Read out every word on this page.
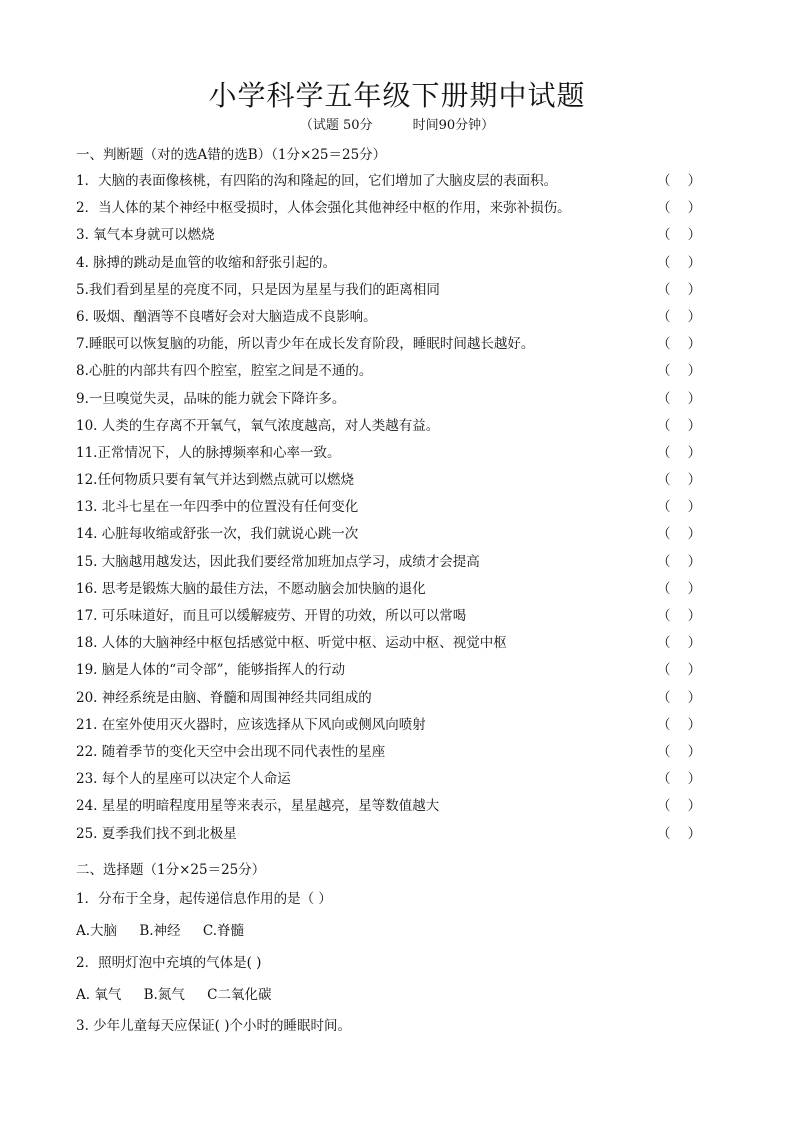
小学科学五年级下册期中试题
（试题 50分	时间90分钟）
一、判断题（对的选A错的选B）（1分×25＝25分）
1．大脑的表面像核桃，有四陷的沟和隆起的回，它们增加了大脑皮层的表面积。	（    ）
2．当人体的某个神经中枢受损时，人体会强化其他神经中枢的作用，来弥补损伤。	（    ）
3. 氧气本身就可以燃烧	（    ）
4. 脉搏的跳动是血管的收缩和舒张引起的。	（    ）
5.我们看到星星的亮度不同，只是因为星星与我们的距离相同	（    ）
6. 吸烟、酗酒等不良嗜好会对大脑造成不良影响。	（    ）
7.睡眠可以恢复脑的功能，所以青少年在成长发育阶段，睡眠时间越长越好。	（    ）
8.心脏的内部共有四个腔室，腔室之间是不通的。	（    ）
9.一旦嗅觉失灵，品味的能力就会下降许多。	（    ）
10. 人类的生存离不开氧气，氧气浓度越高，对人类越有益。	（    ）
11.正常情况下，人的脉搏频率和心率一致。	（    ）
12.任何物质只要有氧气并达到燃点就可以燃烧	（    ）
13. 北斗七星在一年四季中的位置没有任何变化	（    ）
14. 心脏每收缩或舒张一次，我们就说心跳一次	（    ）
15. 大脑越用越发达，因此我们要经常加班加点学习，成绩才会提高	（    ）
16. 思考是锻炼大脑的最佳方法，不愿动脑会加快脑的退化	（    ）
17. 可乐味道好，而且可以缓解疲劳、开胃的功效，所以可以常喝	（    ）
18. 人体的大脑神经中枢包括感觉中枢、听觉中枢、运动中枢、视觉中枢	（    ）
19. 脑是人体的“司令部”，能够指挥人的行动	（    ）
20. 神经系统是由脑、脊髓和周围神经共同组成的	（    ）
21. 在室外使用灭火器时，应该选择从下风向或侧风向喷射	（    ）
22. 随着季节的变化天空中会出现不同代表性的星座	（    ）
23. 每个人的星座可以决定个人命运	（    ）
24. 星星的明暗程度用星等来表示，星星越亮，星等数值越大	（    ）
25. 夏季我们找不到北极星	（    ）
二、选择题（1分×25＝25分）
1．分布于全身，起传递信息作用的是（ ）
A.大脑 B.神经 C.脊髓
2．照明灯泡中充填的气体是( )
A. 氧气 B.氮气 C二氧化碳
3. 少年儿童每天应保证( )个小时的睡眠时间。
